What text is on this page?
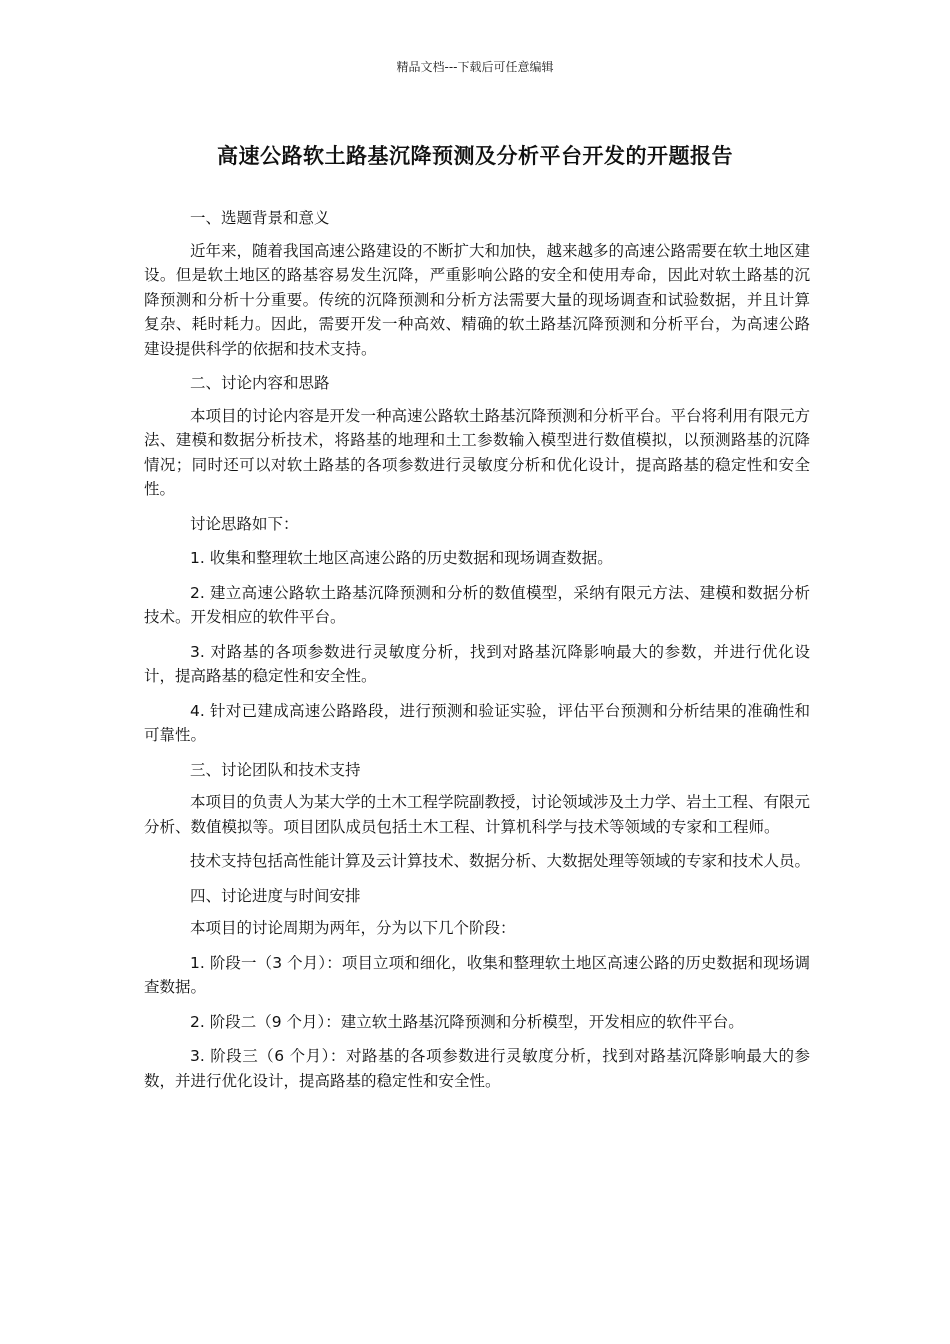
精品文档---下载后可任意编辑
高速公路软土路基沉降预测及分析平台开发的开题报告

一、选题背景和意义

近年来，随着我国高速公路建设的不断扩大和加快，越来越多的高速公路需要在软土地区建设。但是软土地区的路基容易发生沉降，严重影响公路的安全和使用寿命，因此对软土路基的沉降预测和分析十分重要。传统的沉降预测和分析方法需要大量的现场调查和试验数据，并且计算复杂、耗时耗力。因此，需要开发一种高效、精确的软土路基沉降预测和分析平台，为高速公路建设提供科学的依据和技术支持。

二、讨论内容和思路

本项目的讨论内容是开发一种高速公路软土路基沉降预测和分析平台。平台将利用有限元方法、建模和数据分析技术，将路基的地理和土工参数输入模型进行数值模拟，以预测路基的沉降情况；同时还可以对软土路基的各项参数进行灵敏度分析和优化设计，提高路基的稳定性和安全性。

讨论思路如下：

1. 收集和整理软土地区高速公路的历史数据和现场调查数据。

2. 建立高速公路软土路基沉降预测和分析的数值模型，采纳有限元方法、建模和数据分析技术。开发相应的软件平台。

3. 对路基的各项参数进行灵敏度分析，找到对路基沉降影响最大的参数，并进行优化设计，提高路基的稳定性和安全性。

4. 针对已建成高速公路路段，进行预测和验证实验，评估平台预测和分析结果的准确性和可靠性。

三、讨论团队和技术支持

本项目的负责人为某大学的土木工程学院副教授，讨论领域涉及土力学、岩土工程、有限元分析、数值模拟等。项目团队成员包括土木工程、计算机科学与技术等领域的专家和工程师。

技术支持包括高性能计算及云计算技术、数据分析、大数据处理等领域的专家和技术人员。

四、讨论进度与时间安排

本项目的讨论周期为两年，分为以下几个阶段：

1. 阶段一（3 个月）：项目立项和细化，收集和整理软土地区高速公路的历史数据和现场调查数据。

2. 阶段二（9 个月）：建立软土路基沉降预测和分析模型，开发相应的软件平台。

3. 阶段三（6 个月）：对路基的各项参数进行灵敏度分析，找到对路基沉降影响最大的参数，并进行优化设计，提高路基的稳定性和安全性。
